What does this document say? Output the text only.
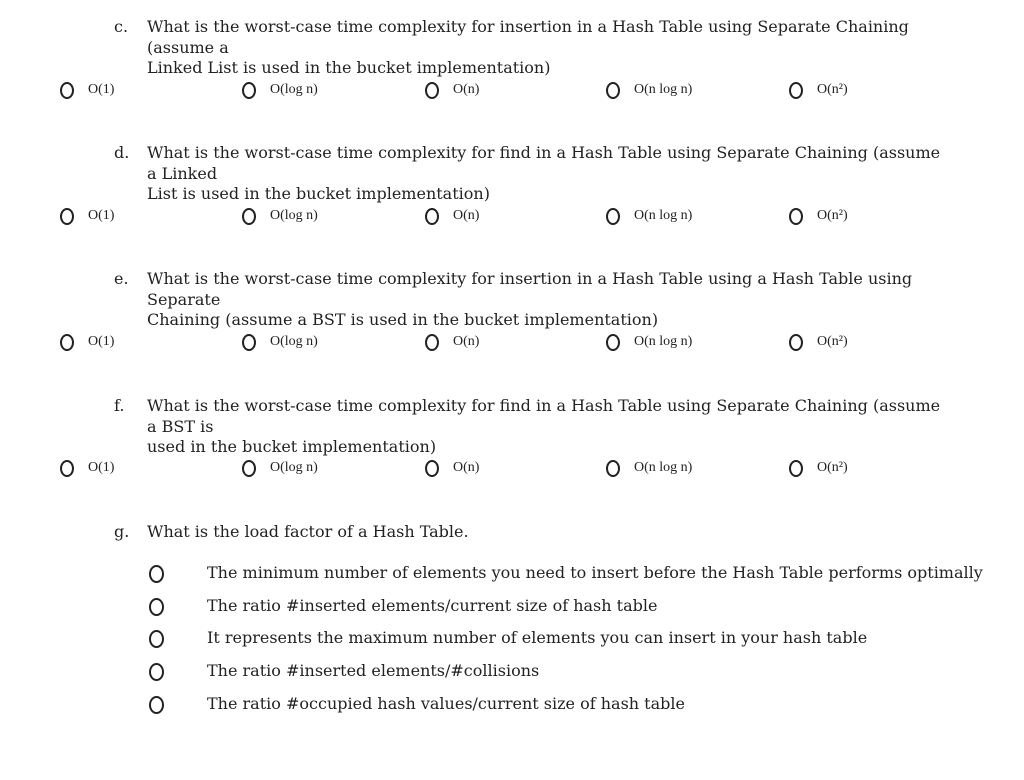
c. What is the worst-case time complexity for insertion in a Hash Table using Separate Chaining (assume a
Linked List is used in the bucket implementation)
O(1)	O(log n)	O(n)	O(n log n)	O(n²)
d. What is the worst-case time complexity for find in a Hash Table using Separate Chaining (assume a Linked
List is used in the bucket implementation)
O(1)	O(log n)	O(n)	O(n log n)	O(n²)
e. What is the worst-case time complexity for insertion in a Hash Table using a Hash Table using Separate
Chaining (assume a BST is used in the bucket implementation)
O(1)	O(log n)	O(n)	O(n log n)	O(n²)
f. What is the worst-case time complexity for find in a Hash Table using Separate Chaining (assume a BST is
used in the bucket implementation)
O(1)	O(log n)	O(n)	O(n log n)	O(n²)
g. What is the load factor of a Hash Table.
The minimum number of elements you need to insert before the Hash Table performs optimally
The ratio #inserted elements/current size of hash table
It represents the maximum number of elements you can insert in your hash table
The ratio #inserted elements/#collisions
The ratio #occupied hash values/current size of hash table
